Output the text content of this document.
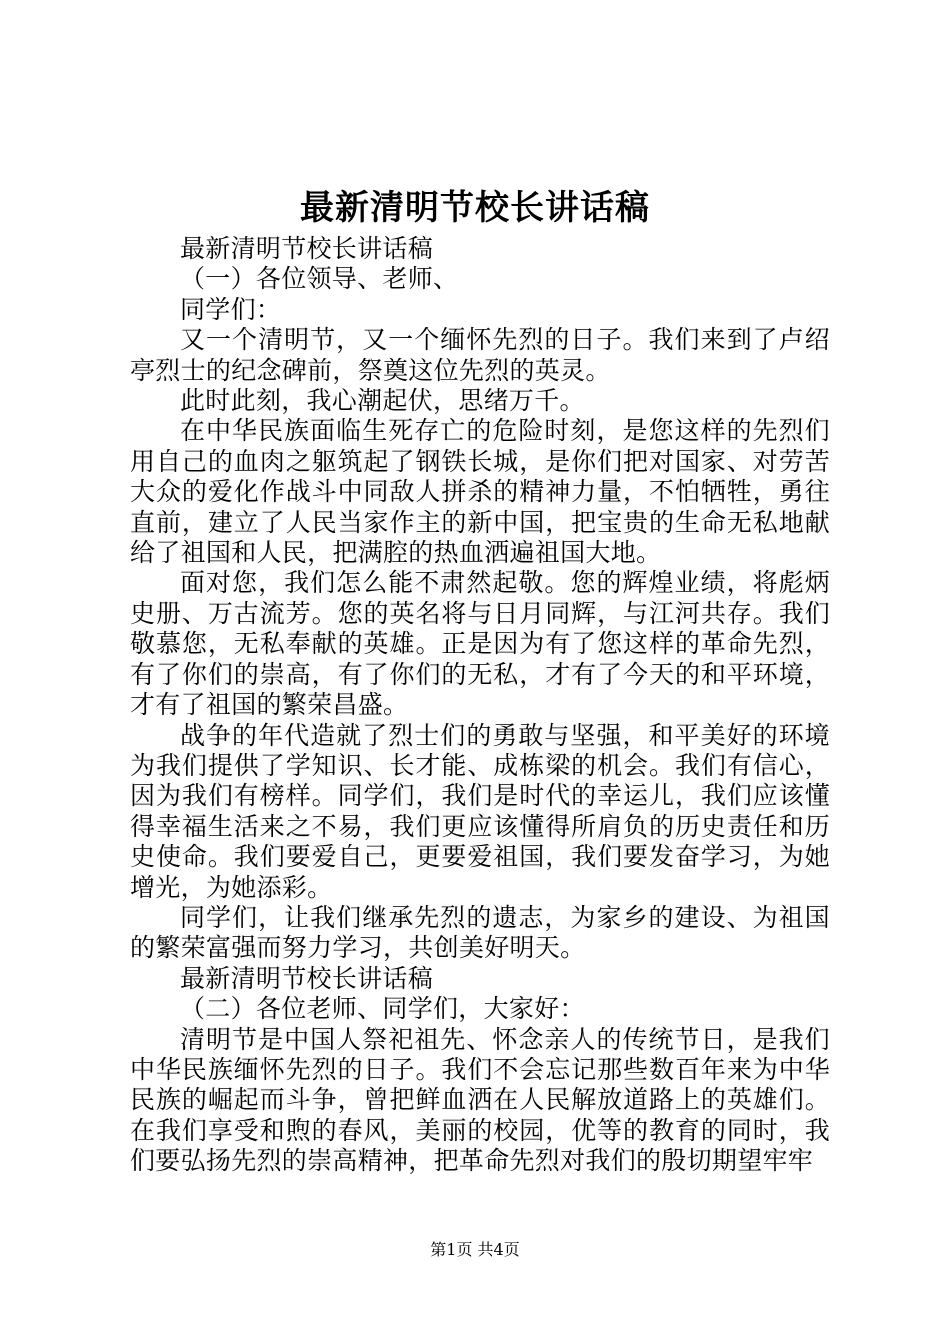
最新清明节校长讲话稿

最新清明节校长讲话稿

（一）各位领导、老师、

同学们：

又一个清明节，又一个缅怀先烈的日子。我们来到了卢绍亭烈士的纪念碑前，祭奠这位先烈的英灵。

此时此刻，我心潮起伏，思绪万千。

在中华民族面临生死存亡的危险时刻，是您这样的先烈们用自己的血肉之躯筑起了钢铁长城，是你们把对国家、对劳苦大众的爱化作战斗中同敌人拼杀的精神力量，不怕牺牲，勇往直前，建立了人民当家作主的新中国，把宝贵的生命无私地献给了祖国和人民，把满腔的热血洒遍祖国大地。

面对您，我们怎么能不肃然起敬。您的辉煌业绩，将彪炳史册、万古流芳。您的英名将与日月同辉，与江河共存。我们敬慕您，无私奉献的英雄。正是因为有了您这样的革命先烈，有了你们的崇高，有了你们的无私，才有了今天的和平环境，才有了祖国的繁荣昌盛。

战争的年代造就了烈士们的勇敢与坚强，和平美好的环境为我们提供了学知识、长才能、成栋梁的机会。我们有信心，因为我们有榜样。同学们，我们是时代的幸运儿，我们应该懂得幸福生活来之不易，我们更应该懂得所肩负的历史责任和历史使命。我们要爱自己，更要爱祖国，我们要发奋学习，为她增光，为她添彩。

同学们，让我们继承先烈的遗志，为家乡的建设、为祖国的繁荣富强而努力学习，共创美好明天。

最新清明节校长讲话稿

（二）各位老师、同学们，大家好：

清明节是中国人祭祀祖先、怀念亲人的传统节日，是我们中华民族缅怀先烈的日子。我们不会忘记那些数百年来为中华民族的崛起而斗争，曾把鲜血洒在人民解放道路上的英雄们。在我们享受和煦的春风，美丽的校园，优等的教育的同时，我们要弘扬先烈的崇高精神，把革命先烈对我们的殷切期望牢牢

第1页 共4页
